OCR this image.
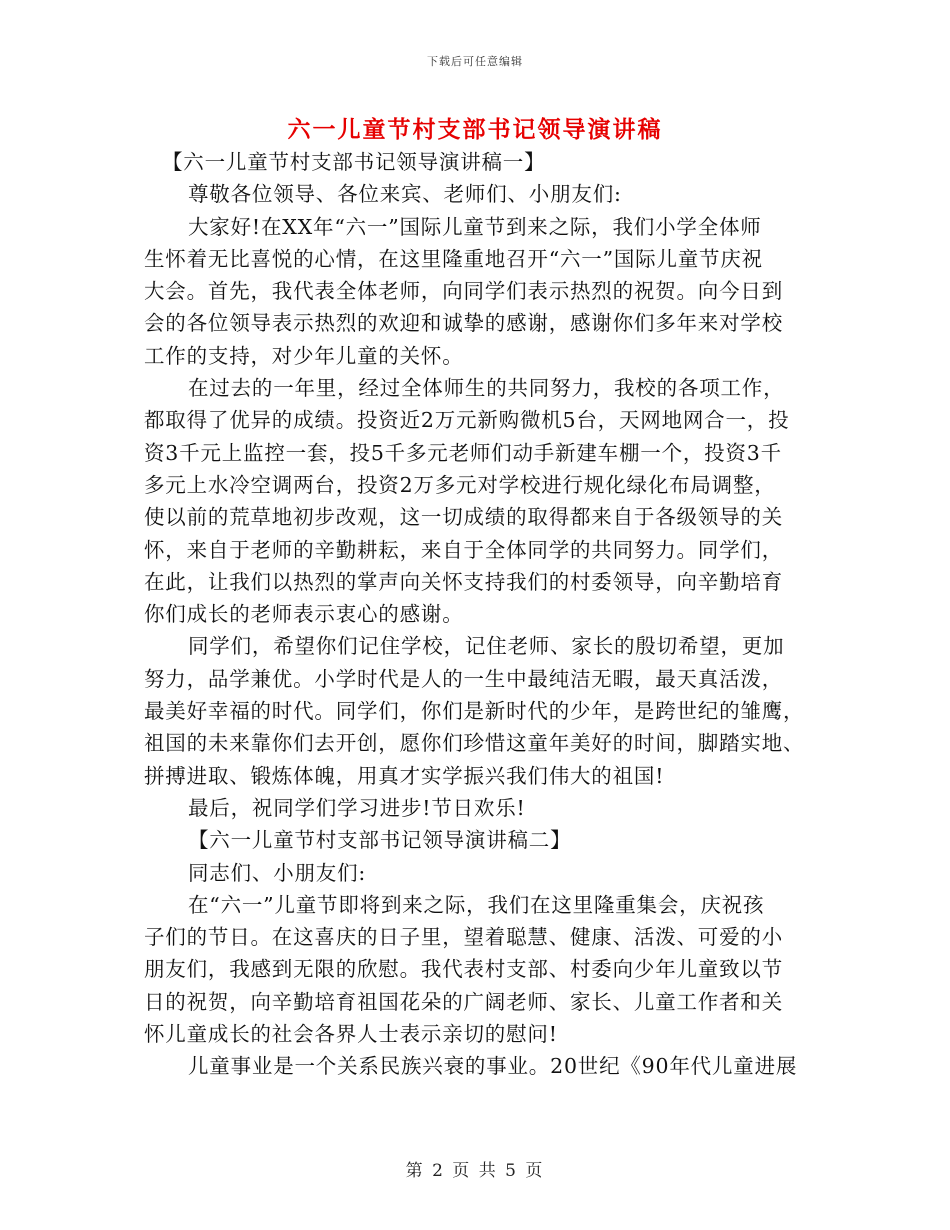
下载后可任意编辑
六一儿童节村支部书记领导演讲稿
【六一儿童节村支部书记领导演讲稿一】
尊敬各位领导、各位来宾、老师们、小朋友们:
大家好!在XX年“六一”国际儿童节到来之际，我们小学全体师
生怀着无比喜悦的心情，在这里隆重地召开“六一”国际儿童节庆祝
大会。首先，我代表全体老师，向同学们表示热烈的祝贺。向今日到
会的各位领导表示热烈的欢迎和诚挚的感谢，感谢你们多年来对学校
工作的支持，对少年儿童的关怀。
在过去的一年里，经过全体师生的共同努力，我校的各项工作，
都取得了优异的成绩。投资近2万元新购微机5台，天网地网合一，投
资3千元上监控一套，投5千多元老师们动手新建车棚一个，投资3千
多元上水冷空调两台，投资2万多元对学校进行规化绿化布局调整，
使以前的荒草地初步改观，这一切成绩的取得都来自于各级领导的关
怀，来自于老师的辛勤耕耘，来自于全体同学的共同努力。同学们，
在此，让我们以热烈的掌声向关怀支持我们的村委领导，向辛勤培育
你们成长的老师表示衷心的感谢。
同学们，希望你们记住学校，记住老师、家长的殷切希望，更加
努力，品学兼优。小学时代是人的一生中最纯洁无暇，最天真活泼，
最美好幸福的时代。同学们，你们是新时代的少年，是跨世纪的雏鹰，
祖国的未来靠你们去开创，愿你们珍惜这童年美好的时间，脚踏实地、
拼搏进取、锻炼体魄，用真才实学振兴我们伟大的祖国!
最后，祝同学们学习进步!节日欢乐!
【六一儿童节村支部书记领导演讲稿二】
同志们、小朋友们:
在“六一”儿童节即将到来之际，我们在这里隆重集会，庆祝孩
子们的节日。在这喜庆的日子里，望着聪慧、健康、活泼、可爱的小
朋友们，我感到无限的欣慰。我代表村支部、村委向少年儿童致以节
日的祝贺，向辛勤培育祖国花朵的广阔老师、家长、儿童工作者和关
怀儿童成长的社会各界人士表示亲切的慰问!
儿童事业是一个关系民族兴衰的事业。20世纪《90年代儿童进展
第 2 页 共 5 页
